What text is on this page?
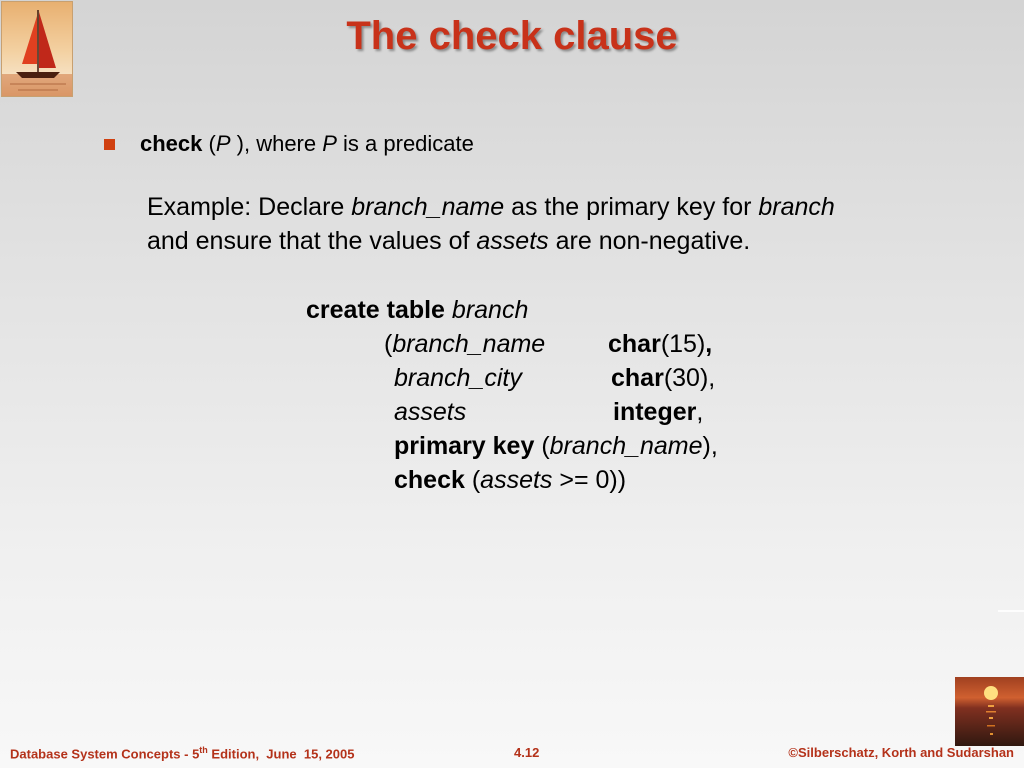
The check clause
check ( P ), where P is a predicate
Example: Declare branch_name as the primary key for branch and ensure that the values of assets are non-negative.
create table branch
(branch_name	char(15),
branch_city	char(30),
assets	integer,
primary key (branch_name),
check (assets >= 0))
Database System Concepts - 5th Edition,  June  15, 2005	4.12	©Silberschatz, Korth and Sudarshan
